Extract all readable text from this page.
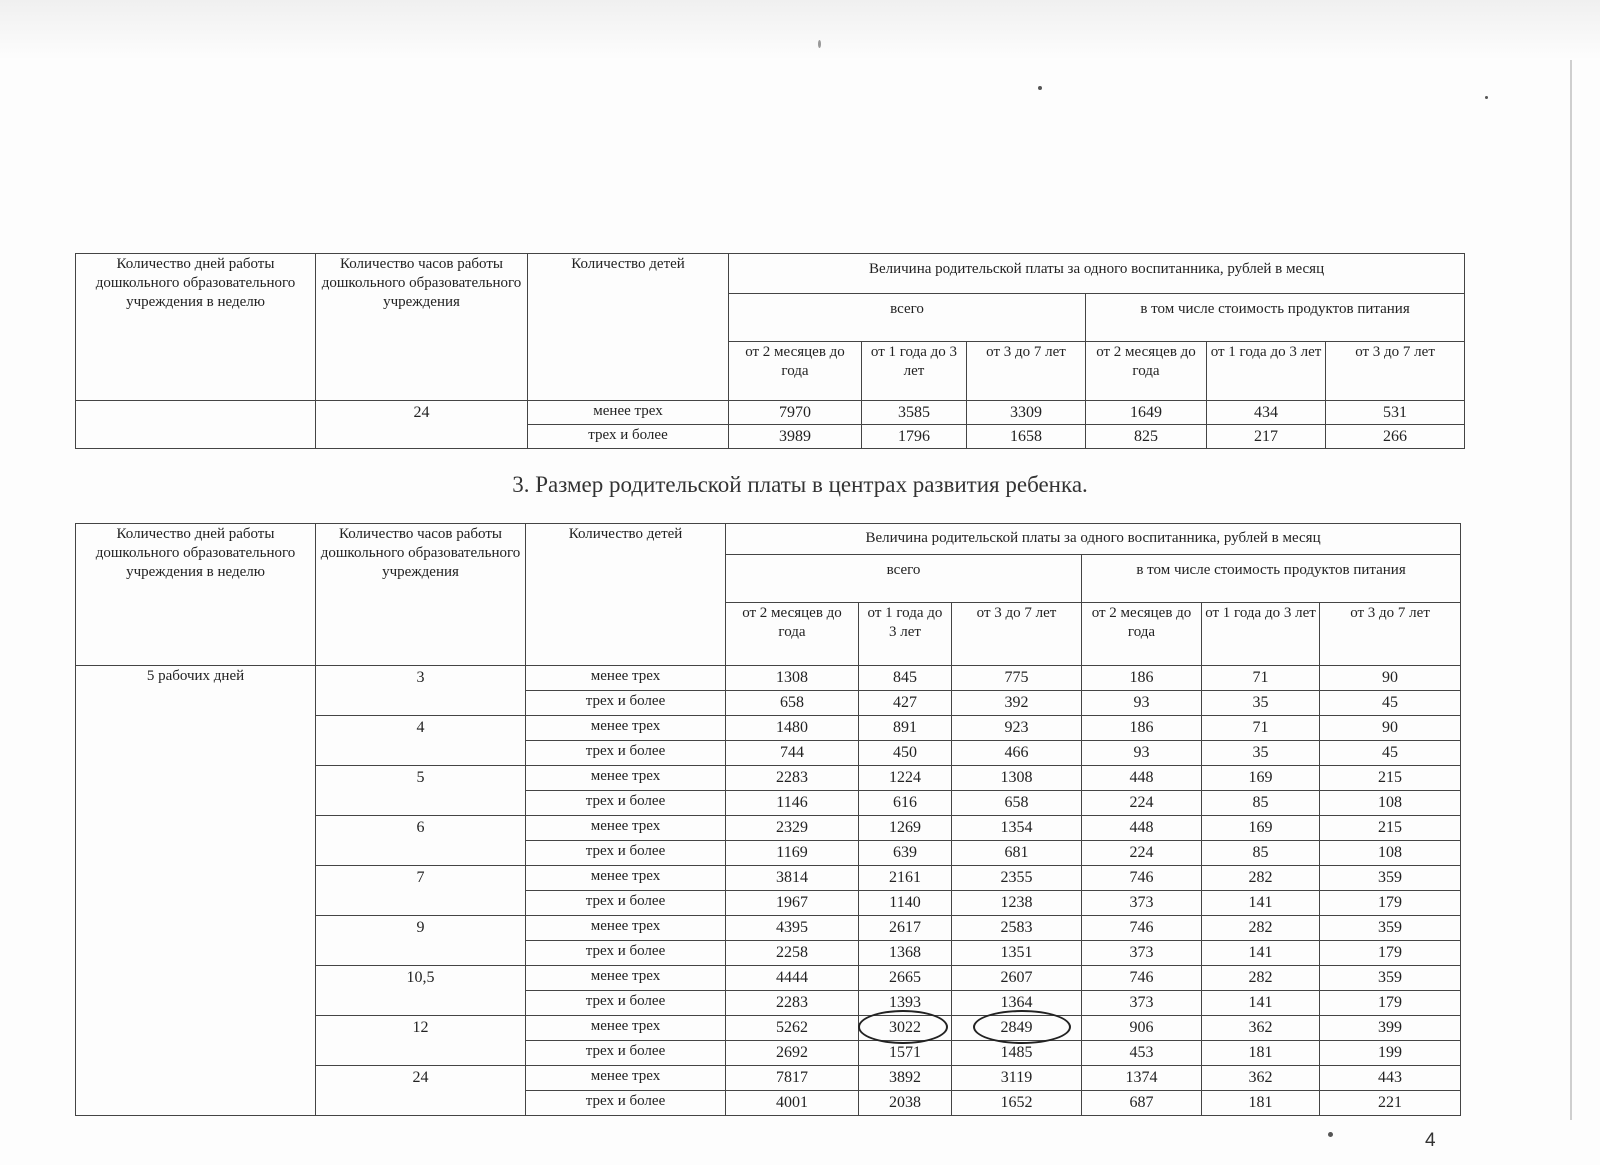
Количество дней работы дошкольного образовательного учреждения в неделю	Количество часов работы дошкольного образовательного учреждения	Количество детей	Величина родительской платы за одного воспитанника, рублей в месяц					
			всего			в том числе стоимость продуктов питания		
			от 2 месяцев до года	от 1 года до 3 лет	от 3 до 7 лет	от 2 месяцев до года	от 1 года до 3 лет	от 3 до 7 лет
	24	менее трех	7970	3585	3309	1649	434	531
		трех и более	3989	1796	1658	825	217	266
3. Размер родительской платы в центрах развития ребенка.
Количество дней работы дошкольного образовательного учреждения в неделю	Количество часов работы дошкольного образовательного учреждения	Количество детей	Величина родительской платы за одного воспитанника, рублей в месяц					
			всего			в том числе стоимость продуктов питания		
			от 2 месяцев до года	от 1 года до 3 лет	от 3 до 7 лет	от 2 месяцев до года	от 1 года до 3 лет	от 3 до 7 лет
5 рабочих дней	3	менее трех	1308	845	775	186	71	90
		трех и более	658	427	392	93	35	45
	4	менее трех	1480	891	923	186	71	90
		трех и более	744	450	466	93	35	45
	5	менее трех	2283	1224	1308	448	169	215
		трех и более	1146	616	658	224	85	108
	6	менее трех	2329	1269	1354	448	169	215
		трех и более	1169	639	681	224	85	108
	7	менее трех	3814	2161	2355	746	282	359
		трех и более	1967	1140	1238	373	141	179
	9	менее трех	4395	2617	2583	746	282	359
		трех и более	2258	1368	1351	373	141	179
	10,5	менее трех	4444	2665	2607	746	282	359
		трех и более	2283	1393	1364	373	141	179
	12	менее трех	5262	3022	2849	906	362	399
		трех и более	2692	1571	1485	453	181	199
	24	менее трех	7817	3892	3119	1374	362	443
		трех и более	4001	2038	1652	687	181	221
4
